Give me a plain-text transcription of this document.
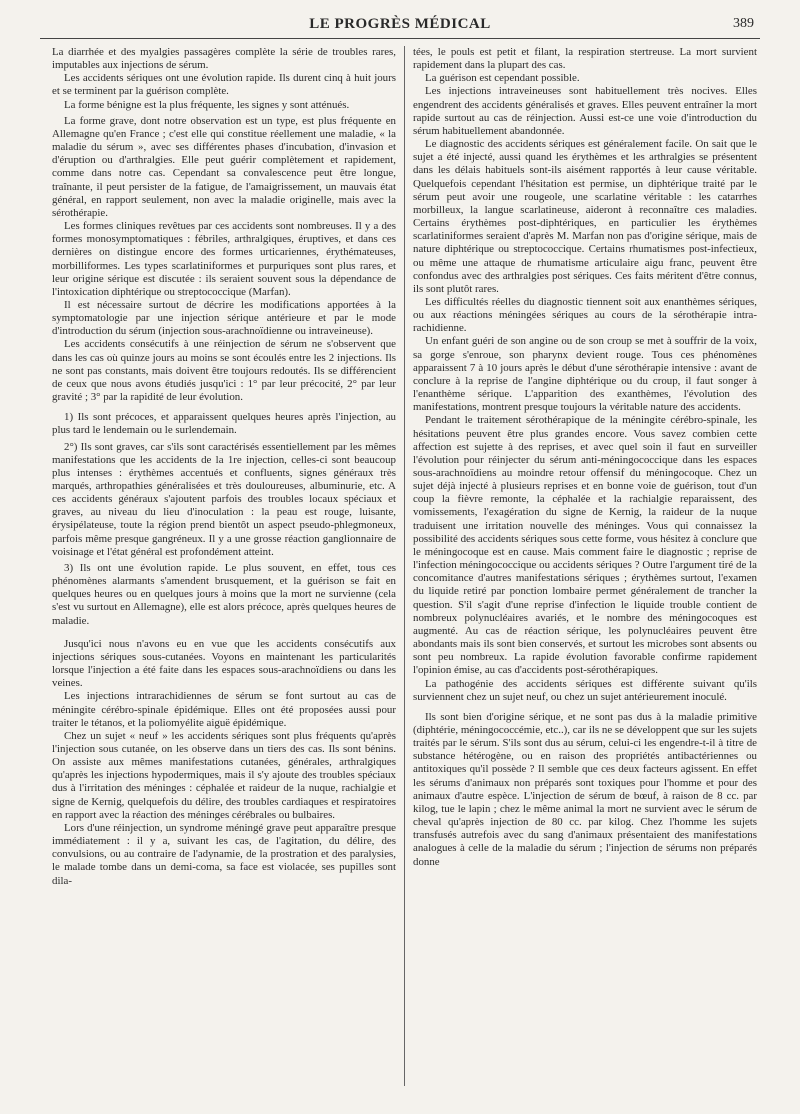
LE PROGRÈS MÉDICAL	389

La diarrhée et des myalgies passagères complète la série de troubles rares, imputables aux injections de sérum.

Les accidents sériques ont une évolution rapide. Ils durent cinq à huit jours et se terminent par la guérison complète.

La forme bénigne est la plus fréquente, les signes y sont atténués.

La forme grave, dont notre observation est un type, est plus fréquente en Allemagne qu'en France ; c'est elle qui constitue réellement une maladie, « la maladie du sérum », avec ses différentes phases d'incubation, d'invasion et d'éruption ou d'arthralgies. Elle peut guérir complètement et rapidement, comme dans notre cas. Cependant sa convalescence peut être longue, traînante, il peut persister de la fatigue, de l'amaigrissement, un mauvais état général, en rapport seulement, non avec la maladie originelle, mais avec la sérothérapie.

Les formes cliniques revêtues par ces accidents sont nombreuses. Il y a des formes monosymptomatiques : fébriles, arthralgiques, éruptives, et dans ces dernières on distingue encore des formes urticariennes, érythémateuses, morbilliformes. Les types scarlatiniformes et purpuriques sont plus rares, et leur origine sérique est discutée : ils seraient souvent sous la dépendance de l'intoxication diphtérique ou streptococcique (Marfan).

Il est nécessaire surtout de décrire les modifications apportées à la symptomatologie par une injection sérique antérieure et par le mode d'introduction du sérum (injection sous-arachnoïdienne ou intraveineuse).

Les accidents consécutifs à une réinjection de sérum ne s'observent que dans les cas où quinze jours au moins se sont écoulés entre les 2 injections. Ils ne sont pas constants, mais doivent être toujours redoutés. Ils se différencient de ceux que nous avons étudiés jusqu'ici : 1° par leur précocité, 2° par leur gravité ; 3° par la rapidité de leur évolution.

1) Ils sont précoces, et apparaissent quelques heures après l'injection, au plus tard le lendemain ou le surlendemain.

2°) Ils sont graves, car s'ils sont caractérisés essentiellement par les mêmes manifestations que les accidents de la 1re injection, celles-ci sont beaucoup plus intenses : érythèmes accentués et confluents, signes généraux très marqués, arthropathies généralisées et très douloureuses, albuminurie, etc. A ces accidents généraux s'ajoutent parfois des troubles locaux spéciaux et graves, au niveau du lieu d'inoculation : la peau est rouge, luisante, érysipélateuse, toute la région prend bientôt un aspect pseudo-phlegmoneux, parfois même presque gangréneux. Il y a une grosse réaction ganglionnaire de voisinage et l'état général est profondément atteint.

3) Ils ont une évolution rapide. Le plus souvent, en effet, tous ces phénomènes alarmants s'amendent brusquement, et la guérison se fait en quelques heures ou en quelques jours à moins que la mort ne survienne (cela s'est vu surtout en Allemagne), elle est alors précoce, après quelques heures de maladie.

Jusqu'ici nous n'avons eu en vue que les accidents consécutifs aux injections sériques sous-cutanées. Voyons en maintenant les particularités lorsque l'injection a été faite dans les espaces sous-arachnoïdiens ou dans les veines.

Les injections intrarachidiennes de sérum se font surtout au cas de méningite cérébro-spinale épidémique. Elles ont été proposées aussi pour traiter le tétanos, et la poliomyélite aiguë épidémique.

Chez un sujet « neuf » les accidents sériques sont plus fréquents qu'après l'injection sous cutanée, on les observe dans un tiers des cas. Ils sont bénins. On assiste aux mêmes manifestations cutanées, générales, arthralgiques qu'après les injections hypodermiques, mais il s'y ajoute des troubles spéciaux dus à l'irritation des méninges : céphalée et raideur de la nuque, rachialgie et signe de Kernig, quelquefois du délire, des troubles cardiaques et respiratoires en rapport avec la réaction des méninges cérébrales ou bulbaires.

Lors d'une réinjection, un syndrome méningé grave peut apparaître presque immédiatement : il y a, suivant les cas, de l'agitation, du délire, des convulsions, ou au contraire de l'adynamie, de la prostration et des paralysies, le malade tombe dans un demi-coma, sa face est violacée, ses pupilles sont dila-

tées, le pouls est petit et filant, la respiration stertreuse. La mort survient rapidement dans la plupart des cas.

La guérison est cependant possible.

Les injections intraveineuses sont habituellement très nocives. Elles engendrent des accidents généralisés et graves. Elles peuvent entraîner la mort rapide surtout au cas de réinjection. Aussi est-ce une voie d'introduction du sérum habituellement abandonnée.

Le diagnostic des accidents sériques est généralement facile. On sait que le sujet a été injecté, aussi quand les érythèmes et les arthralgies se présentent dans les délais habituels sont-ils aisément rapportés à leur cause véritable. Quelquefois cependant l'hésitation est permise, un diphtérique traité par le sérum peut avoir une rougeole, une scarlatine véritable : les catarrhes morbilleux, la langue scarlatineuse, aideront à reconnaître ces maladies. Certains érythèmes post-diphtériques, en particulier les érythèmes scarlatiniformes seraient d'après M. Marfan non pas d'origine sérique, mais de nature diphtérique ou streptococcique. Certains rhumatismes post-infectieux, ou même une attaque de rhumatisme articulaire aigu franc, peuvent être confondus avec des arthralgies post sériques. Ces faits méritent d'être connus, ils sont plutôt rares.

Les difficultés réelles du diagnostic tiennent soit aux enanthèmes sériques, ou aux réactions méningées sériques au cours de la sérothérapie intra-rachidienne.

Un enfant guéri de son angine ou de son croup se met à souffrir de la voix, sa gorge s'enroue, son pharynx devient rouge. Tous ces phénomènes apparaissent 7 à 10 jours après le début d'une sérothérapie intensive : avant de conclure à la reprise de l'angine diphtérique ou du croup, il faut songer à l'enanthème sérique. L'apparition des exanthèmes, l'évolution des manifestations, montrent presque toujours la véritable nature des accidents.

Pendant le traitement sérothérapique de la méningite cérébro-spinale, les hésitations peuvent être plus grandes encore. Vous savez combien cette affection est sujette à des reprises, et avec quel soin il faut en surveiller l'évolution pour réinjecter du sérum anti-méningococcique dans les espaces sous-arachnoïdiens au moindre retour offensif du méningocoque. Chez un sujet déjà injecté à plusieurs reprises et en bonne voie de guérison, tout d'un coup la fièvre remonte, la céphalée et la rachialgie reparaissent, des vomissements, l'exagération du signe de Kernig, la raideur de la nuque traduisent une irritation nouvelle des méninges. Vous qui connaissez la possibilité des accidents sériques sous cette forme, vous hésitez à conclure que le méningocoque est en cause. Mais comment faire le diagnostic ; reprise de l'infection méningococcique ou accidents sériques ? Outre l'argument tiré de la concomitance d'autres manifestations sériques ; érythèmes surtout, l'examen du liquide retiré par ponction lombaire permet généralement de trancher la question. S'il s'agit d'une reprise d'infection le liquide trouble contient de nombreux polynucléaires avariés, et le nombre des méningocoques est augmenté. Au cas de réaction sérique, les polynucléaires peuvent être abondants mais ils sont bien conservés, et surtout les microbes sont absents ou sont peu nombreux. La rapide évolution favorable confirme rapidement l'opinion émise, au cas d'accidents post-sérothérapiques.

La pathogénie des accidents sériques est différente suivant qu'ils surviennent chez un sujet neuf, ou chez un sujet antérieurement inoculé.

Ils sont bien d'origine sérique, et ne sont pas dus à la maladie primitive (diphtérie, méningococcémie, etc..), car ils ne se développent que sur les sujets traités par le sérum. S'ils sont dus au sérum, celui-ci les engendre-t-il à titre de substance hétérogène, ou en raison des propriétés antibactériennes ou antitoxiques qu'il possède ? Il semble que ces deux facteurs agissent. En effet les sérums d'animaux non préparés sont toxiques pour l'homme et pour des animaux d'autre espèce. L'injection de sérum de bœuf, à raison de 8 cc. par kilog, tue le lapin ; chez le même animal la mort ne survient avec le sérum de cheval qu'après injection de 80 cc. par kilog. Chez l'homme les sujets transfusés autrefois avec du sang d'animaux présentaient des manifestations analogues à celle de la maladie du sérum ; l'injection de sérums non préparés donne
